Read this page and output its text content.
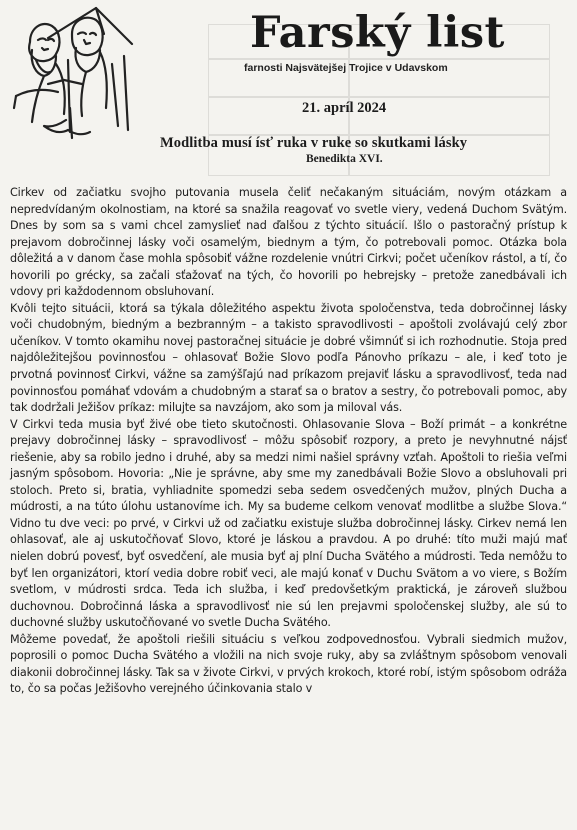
Farský list

farnosti Najsvätejšej Trojice v Udavskom

21. apríl 2024

Modlitba musí ísť ruka v ruke so skutkami lásky

Benedikta XVI.

Cirkev od začiatku svojho putovania musela čeliť nečakaným situáciám, novým otázkam a nepredvídaným okolnostiam, na ktoré sa snažila reagovať vo svetle viery, vedená Duchom Svätým. Dnes by som sa s vami chcel zamyslieť nad ďalšou z týchto situácií. Išlo o pastoračný prístup k prejavom dobročinnej lásky voči osamelým, biednym a tým, čo potrebovali pomoc. Otázka bola dôležitá a v danom čase mohla spôsobiť vážne rozdelenie vnútri Cirkvi; počet učeníkov rástol, a tí, čo hovorili po grécky, sa začali sťažovať na tých, čo hovorili po hebrejsky – pretože zanedbávali ich vdovy pri každodennom obsluhovaní.

Kvôli tejto situácii, ktorá sa týkala dôležitého aspektu života spoločenstva, teda dobročinnej lásky voči chudobným, biedným a bezbranným – a takisto spravodlivosti – apoštoli zvolávajú celý zbor učeníkov. V tomto okamihu novej pastoračnej situácie je dobré všimnúť si ich rozhodnutie. Stoja pred najdôležitejšou povinnosťou – ohlasovať Božie Slovo podľa Pánovho príkazu – ale, i keď toto je prvotná povinnosť Cirkvi, vážne sa zamýšľajú nad príkazom prejaviť lásku a spravodlivosť, teda nad povinnosťou pomáhať vdovám a chudobným a starať sa o bratov a sestry, čo potrebovali pomoc, aby tak dodržali Ježišov príkaz: milujte sa navzájom, ako som ja miloval vás.

V Cirkvi teda musia byť živé obe tieto skutočnosti. Ohlasovanie Slova – Boží primát – a konkrétne prejavy dobročinnej lásky – spravodlivosť – môžu spôsobiť rozpory, a preto je nevyhnutné nájsť riešenie, aby sa robilo jedno i druhé, aby sa medzi nimi našiel správny vzťah. Apoštoli to riešia veľmi jasným spôsobom. Hovoria: „Nie je správne, aby sme my zanedbávali Božie Slovo a obsluhovali pri stoloch. Preto si, bratia, vyhliadnite spomedzi seba sedem osvedčených mužov, plných Ducha a múdrosti, a na túto úlohu ustanovíme ich. My sa budeme celkom venovať modlitbe a službe Slova.“ Vidno tu dve veci: po prvé, v Cirkvi už od začiatku existuje služba dobročinnej lásky. Cirkev nemá len ohlasovať, ale aj uskutočňovať Slovo, ktoré je láskou a pravdou. A po druhé: títo muži majú mať nielen dobrú povesť, byť osvedčení, ale musia byť aj plní Ducha Svätého a múdrosti. Teda nemôžu to byť len organizátori, ktorí vedia dobre robiť veci, ale majú konať v Duchu Svätom a vo viere, s Božím svetlom, v múdrosti srdca. Teda ich služba, i keď predovšetkým praktická, je zároveň službou duchovnou. Dobročinná láska a spravodlivosť nie sú len prejavmi spoločenskej služby, ale sú to duchovné služby uskutočňované vo svetle Ducha Svätého.

Môžeme povedať, že apoštoli riešili situáciu s veľkou zodpovednosťou. Vybrali siedmich mužov, poprosili o pomoc Ducha Svätého a vložili na nich svoje ruky, aby sa zvláštnym spôsobom venovali diakonii dobročinnej lásky. Tak sa v živote Cirkvi, v prvých krokoch, ktoré robí, istým spôsobom odráža to, čo sa počas Ježišovho verejného účinkovania stalo v
